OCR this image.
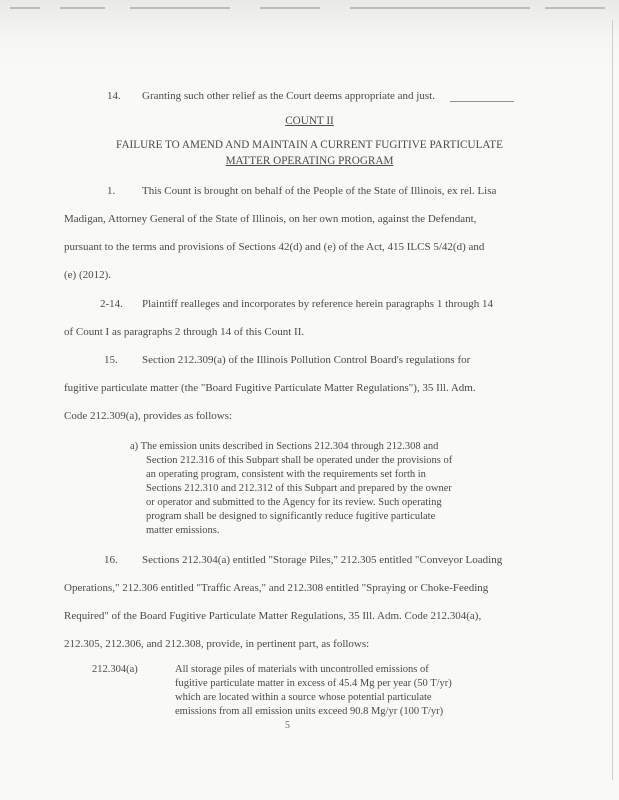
14. Granting such other relief as the Court deems appropriate and just.
COUNT II
FAILURE TO AMEND AND MAINTAIN A CURRENT FUGITIVE PARTICULATE
MATTER OPERATING PROGRAM
1. This Count is brought on behalf of the People of the State of Illinois, ex rel. Lisa
Madigan, Attorney General of the State of Illinois, on her own motion, against the Defendant,
pursuant to the terms and provisions of Sections 42(d) and (e) of the Act, 415 ILCS 5/42(d) and
(e) (2012).
2-14. Plaintiff realleges and incorporates by reference herein paragraphs 1 through 14
of Count I as paragraphs 2 through 14 of this Count II.
15. Section 212.309(a) of the Illinois Pollution Control Board's regulations for
fugitive particulate matter (the "Board Fugitive Particulate Matter Regulations"), 35 Ill. Adm.
Code 212.309(a), provides as follows:
a) The emission units described in Sections 212.304 through 212.308 and
Section 212.316 of this Subpart shall be operated under the provisions of
an operating program, consistent with the requirements set forth in
Sections 212.310 and 212.312 of this Subpart and prepared by the owner
or operator and submitted to the Agency for its review. Such operating
program shall be designed to significantly reduce fugitive particulate
matter emissions.
16. Sections 212.304(a) entitled "Storage Piles," 212.305 entitled "Conveyor Loading
Operations," 212.306 entitled "Traffic Areas," and 212.308 entitled "Spraying or Choke-Feeding
Required" of the Board Fugitive Particulate Matter Regulations, 35 Ill. Adm. Code 212.304(a),
212.305, 212.306, and 212.308, provide, in pertinent part, as follows:
212.304(a)	All storage piles of materials with uncontrolled emissions of
fugitive particulate matter in excess of 45.4 Mg per year (50 T/yr)
which are located within a source whose potential particulate
emissions from all emission units exceed 90.8 Mg/yr (100 T/yr)
5
